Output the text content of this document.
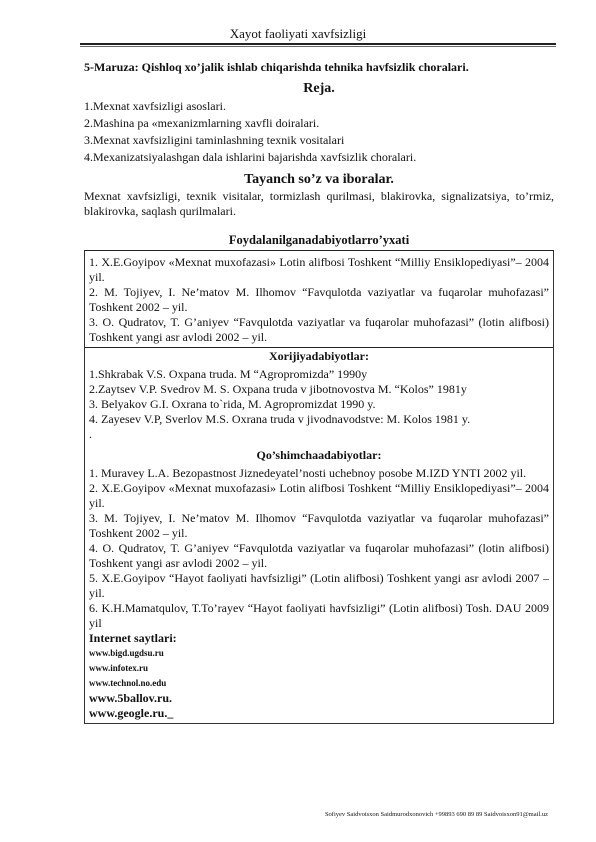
Xayot faoliyati xavfsizligi

5-Maruza: Qishloq xo’jalik ishlab chiqarishda tehnika havfsizlik choralari.

Reja.

1.Mexnat xavfsizligi asoslari.

2.Mashina pa «mexanizmlarning xavfli doiralari.

3.Mexnat xavfsizligini taminlashning texnik vositalari

4.Mexanizatsiyalashgan dala ishlarini bajarishda xavfsizlik choralari.

Tayanch so’z va iboralar.

Mexnat xavfsizligi, texnik visitalar, tormizlash qurilmasi, blakirovka, signalizatsiya, to’rmiz, blakirovka, saqlash qurilmalari.

Foydalanilganadabiyotlarro’yxati

1. X.E.Goyipov «Mexnat muxofazasi» Lotin alifbosi Toshkent “Milliy Ensiklopediyasi”– 2004 yil.

2. M. Tojiyev, I. Ne’matov M. Ilhomov “Favqulotda vaziyatlar va fuqarolar muhofazasi” Toshkent 2002 – yil.

3. O. Qudratov, T. G’aniyev “Favqulotda vaziyatlar va fuqarolar muhofazasi” (lotin alifbosi) Toshkent yangi asr avlodi 2002 – yil.

Xorijiyadabiyotlar:

1.Shkrabak V.S. Oxpana truda. M “Agropromizda” 1990y

2.Zaytsev V.P. Svedrov M. S. Oxpana truda v jibotnovostva M. “Kolos” 1981y

3. Belyakov G.I. Oxrana to`rida, M. Agropromizdat 1990 y.

4. Zayesev V.P, Sverlov M.S. Oxrana truda v jivodnavodstve: M. Kolos 1981 y.

.

Qo’shimchaadabiyotlar:

1. Muravey L.A. Bezopastnost Jiznedeyatel’nosti uchebnoy posobe M.IZD YNTI 2002 yil.

2. X.E.Goyipov «Mexnat muxofazasi» Lotin alifbosi Toshkent “Milliy Ensiklopediyasi”– 2004 yil.

3. M. Tojiyev, I. Ne’matov M. Ilhomov “Favqulotda vaziyatlar va fuqarolar muhofazasi” Toshkent 2002 – yil.

4. O. Qudratov, T. G’aniyev “Favqulotda vaziyatlar va fuqarolar muhofazasi” (lotin alifbosi) Toshkent yangi asr avlodi 2002 – yil.

5. X.E.Goyipov “Hayot faoliyati havfsizligi” (Lotin alifbosi) Toshkent yangi asr avlodi 2007 – yil.

6. K.H.Mamatqulov, T.To’rayev “Hayot faoliyati havfsizligi” (Lotin alifbosi) Tosh. DAU 2009 yil

Internet saytlari:

www.bigd.ugdsu.ru

www.infotex.ru

www.technol.no.edu

www.5ballov.ru.

www.geogle.ru._

Sofiyev Saidvoisxon Saidmurodxonovich +99893 690 89 89 Saidvoisxon91@mail.uz
